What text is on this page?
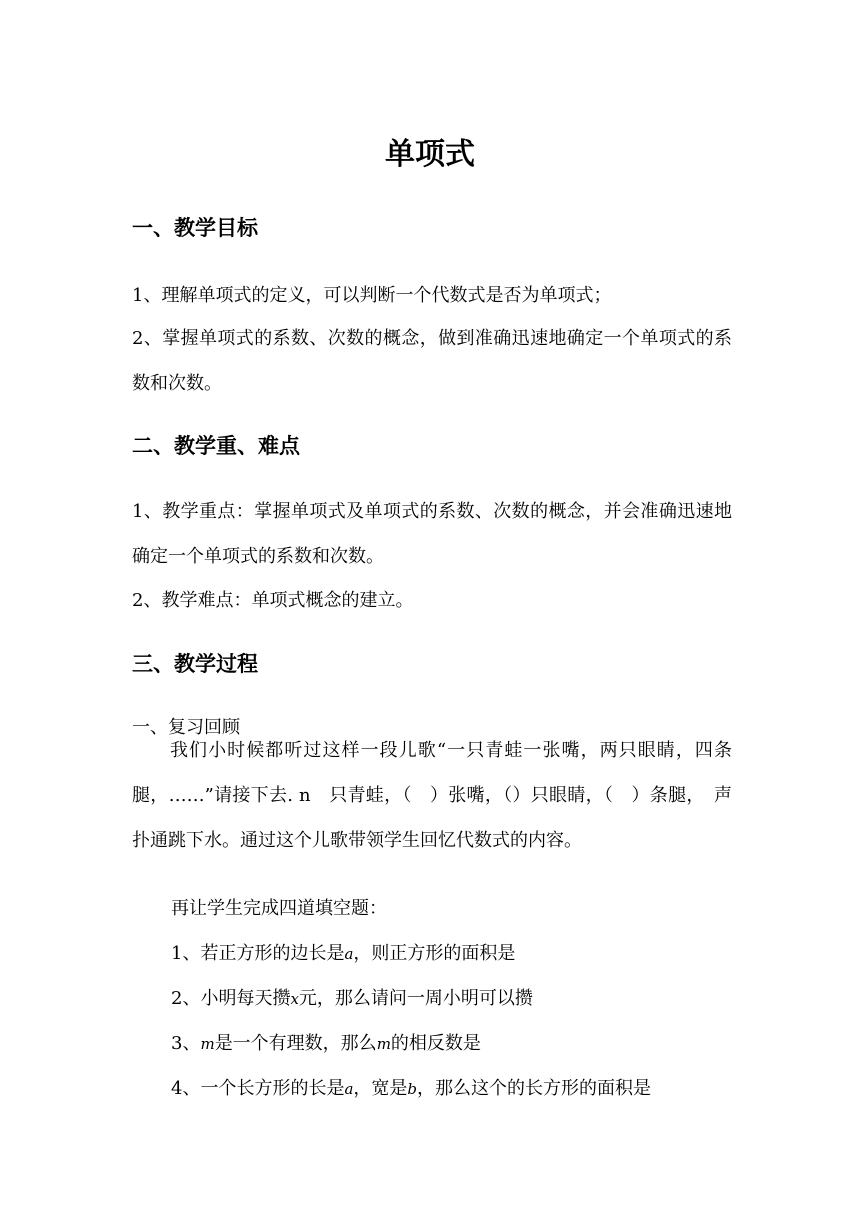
单项式
一、教学目标

1、理解单项式的定义，可以判断一个代数式是否为单项式；

2、掌握单项式的系数、次数的概念，做到准确迅速地确定一个单项式的系数和次数。

二、教学重、难点

1、教学重点：掌握单项式及单项式的系数、次数的概念，并会准确迅速地确定一个单项式的系数和次数。

2、教学难点：单项式概念的建立。

三、教学过程

一、复习回顾

我们小时候都听过这样一段儿歌“一只青蛙一张嘴，两只眼睛，四条腿，……”请接下去. n　只青蛙，（　）张嘴，（）只眼睛，（　）条腿，　声扑通跳下水。通过这个儿歌带领学生回忆代数式的内容。

再让学生完成四道填空题：

1、若正方形的边长是a，则正方形的面积是

2、小明每天攒x元，那么请问一周小明可以攒

3、m是一个有理数，那么m的相反数是

4、一个长方形的长是a，宽是b，那么这个的长方形的面积是
